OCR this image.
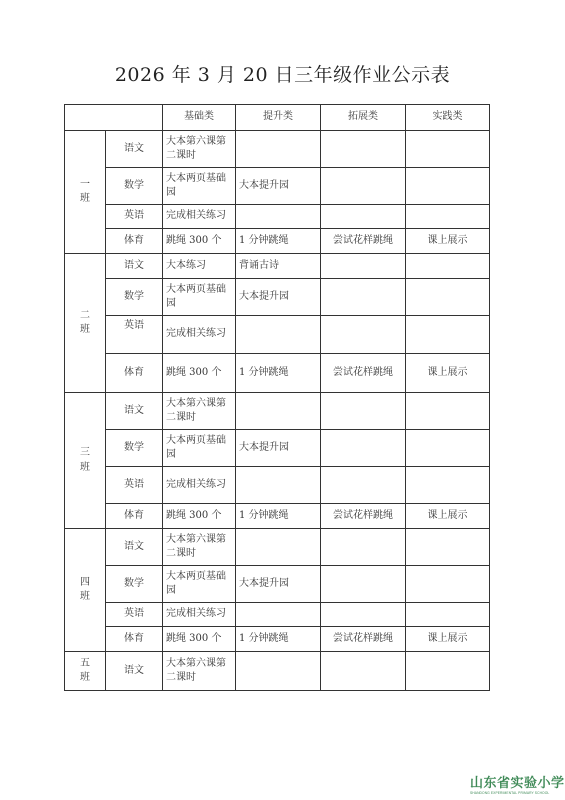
2026 年 3 月 20 日三年级作业公示表
		基础类	提升类	拓展类	实践类
一
班	语文	大本第六课第二课时			
	数学	大本两页基础园	大本提升园		
	英语	完成相关练习			
	体育	跳绳 300 个	1 分钟跳绳	尝试花样跳绳	课上展示
二
班	语文	大本练习	背诵古诗		
	数学	大本两页基础园	大本提升园		
	英语	完成相关练习			
	体育	跳绳 300 个	1 分钟跳绳	尝试花样跳绳	课上展示
三
班	语文	大本第六课第二课时			
	数学	大本两页基础园	大本提升园		
	英语	完成相关练习			
	体育	跳绳 300 个	1 分钟跳绳	尝试花样跳绳	课上展示
四
班	语文	大本第六课第二课时			
	数学	大本两页基础园	大本提升园		
	英语	完成相关练习			
	体育	跳绳 300 个	1 分钟跳绳	尝试花样跳绳	课上展示
五
班	语文	大本第六课第二课时			
山东省实验小学
SHANDONG EXPERIMENTAL PRIMARY SCHOOL
